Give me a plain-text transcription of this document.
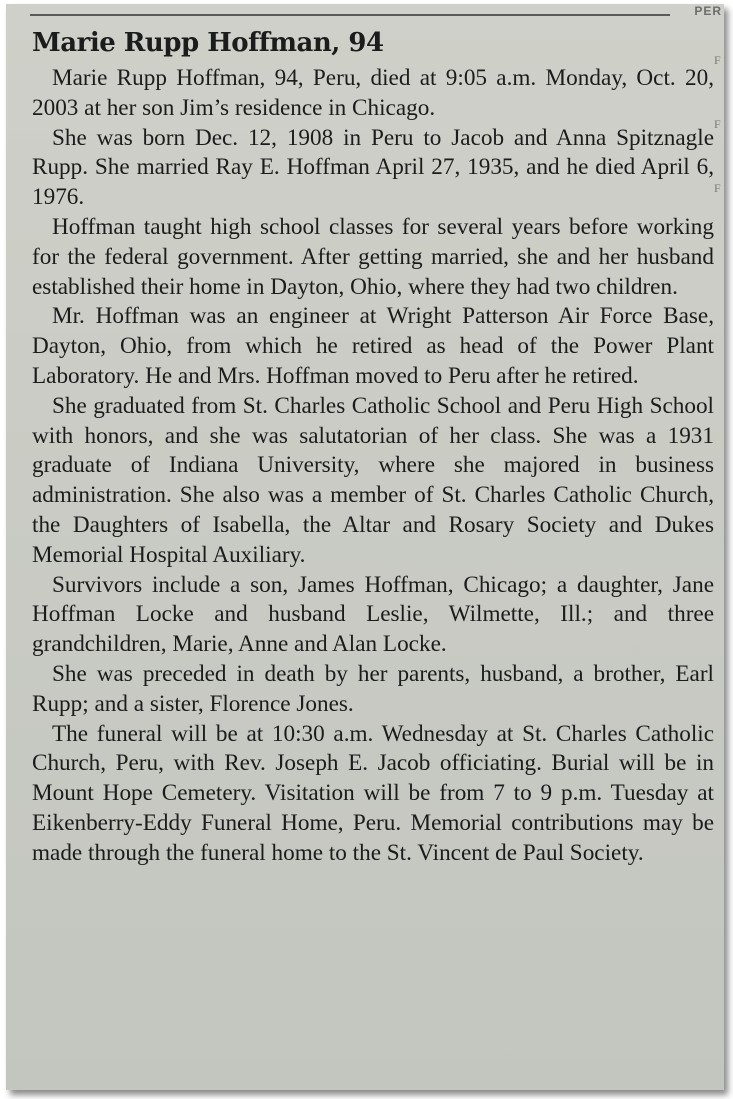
PER
F
F
F
Marie Rupp Hoffman, 94

Marie Rupp Hoffman, 94, Peru, died at 9:05 a.m. Monday, Oct. 20, 2003 at her son Jim’s residence in Chicago.

She was born Dec. 12, 1908 in Peru to Jacob and Anna Spitznagle Rupp. She married Ray E. Hoffman April 27, 1935, and he died April 6, 1976.

Hoffman taught high school classes for several years before working for the federal government. After getting married, she and her husband established their home in Dayton, Ohio, where they had two children.

Mr. Hoffman was an engineer at Wright Patterson Air Force Base, Dayton, Ohio, from which he retired as head of the Power Plant Laboratory. He and Mrs. Hoffman moved to Peru after he retired.

She graduated from St. Charles Catholic School and Peru High School with honors, and she was salutatorian of her class. She was a 1931 graduate of Indiana University, where she majored in business administration. She also was a member of St. Charles Catholic Church, the Daughters of Isabella, the Altar and Rosary Society and Dukes Memorial Hospital Auxiliary.

Survivors include a son, James Hoffman, Chicago; a daughter, Jane Hoffman Locke and husband Leslie, Wilmette, Ill.; and three grandchildren, Marie, Anne and Alan Locke.

She was preceded in death by her parents, husband, a brother, Earl Rupp; and a sister, Florence Jones.

The funeral will be at 10:30 a.m. Wednesday at St. Charles Catholic Church, Peru, with Rev. Joseph E. Jacob officiating. Burial will be in Mount Hope Cemetery. Visitation will be from 7 to 9 p.m. Tuesday at Eikenberry-Eddy Funeral Home, Peru. Memorial contributions may be made through the funeral home to the St. Vincent de Paul Society.
